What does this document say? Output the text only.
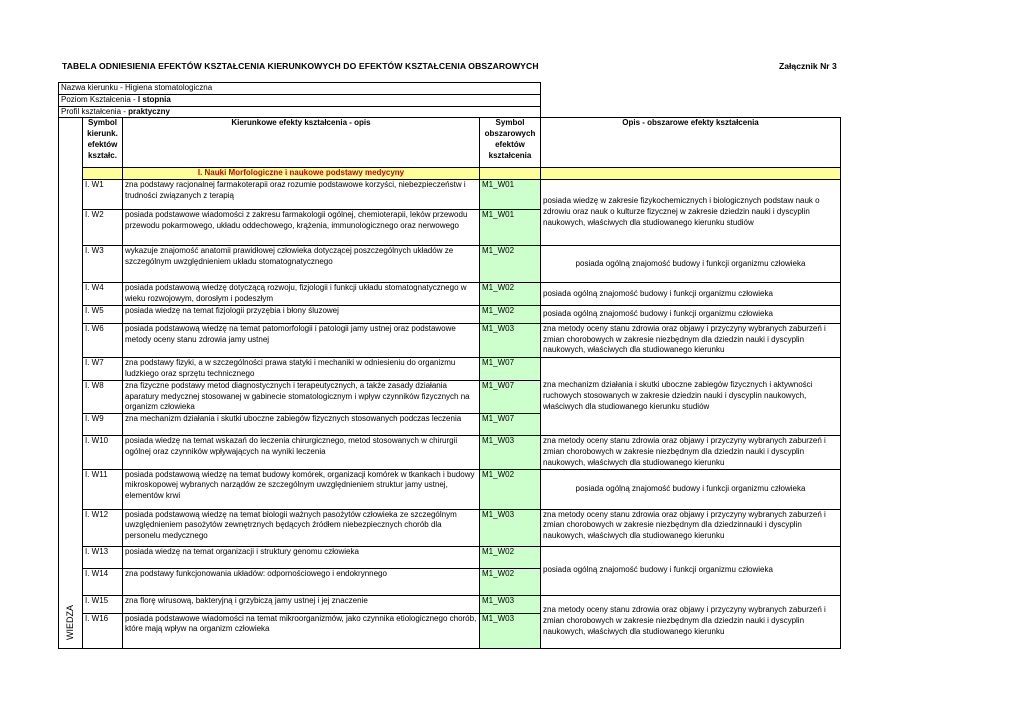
TABELA ODNIESIENIA EFEKTÓW KSZTAŁCENIA KIERUNKOWYCH DO EFEKTÓW KSZTAŁCENIA OBSZAROWYCH	Załącznik Nr 3
Nazwa kierunku - Higiena stomatologiczna				
Poziom Kształcenia - I stopnia				
Profil kształcenia - praktyczny				
WIEDZA	Symbol kierunk. efektów kształc.	Kierunkowe efekty kształcenia - opis	Symbol obszarowych efektów kształcenia	Opis - obszarowe efekty kształcenia
		I. Nauki Morfologiczne i naukowe podstawy medycyny		
	I. W1	zna podstawy racjonalnej farmakoterapii oraz rozumie podstawowe korzyści, niebezpieczeństw i trudności związanych z terapią	M1_W01	posiada wiedzę w zakresie fizykochemicznych i biologicznych podstaw nauk o zdrowiu oraz nauk o kulturze fizycznej w zakresie dziedzin nauki i dyscyplin naukowych, właściwych dla studiowanego kierunku studiów
	I. W2	posiada podstawowe wiadomości z zakresu farmakologii ogólnej, chemioterapii, leków przewodu przewodu pokarmowego, układu oddechowego, krążenia, immunologicznego oraz nerwowego	M1_W01	
	I. W3	wykazuje znajomość anatomii prawidłowej człowieka dotyczącej poszczególnych układów ze szczególnym uwzględnieniem układu stomatognatycznego	M1_W02	posiada ogólną znajomość budowy i funkcji organizmu człowieka
	I. W4	posiada podstawową wiedzę dotyczącą rozwoju, fizjologii i funkcji układu stomatognatycznego w wieku rozwojowym, dorosłym i podeszłym	M1_W02	posiada ogólną znajomość budowy i funkcji organizmu człowieka
	I. W5	posiada wiedzę na temat fizjologii przyzębia i błony śluzowej	M1_W02	posiada ogólną znajomość budowy i funkcji organizmu człowieka
	I. W6	posiada podstawową wiedzę na temat patomorfologii i patologii jamy ustnej oraz podstawowe metody oceny stanu zdrowia jamy ustnej	M1_W03	zna metody oceny stanu zdrowia oraz objawy i przyczyny wybranych zaburzeń i zmian chorobowych w zakresie niezbędnym dla dziedzin nauki i dyscyplin naukowych, właściwych dla studiowanego kierunku
	I. W7	zna podstawy fizyki, a w szczególności prawa statyki i mechaniki w odniesieniu do organizmu ludzkiego oraz sprzętu technicznego	M1_W07	zna mechanizm działania i skutki uboczne zabiegów fizycznych i aktywności ruchowych stosowanych w zakresie dziedzin nauki i dyscyplin naukowych, właściwych dla studiowanego kierunku studiów
	I. W8	zna fizyczne podstawy metod diagnostycznych i terapeutycznych, a także zasady działania aparatury medycznej stosowanej w gabinecie stomatologicznym i wpływ czynników fizycznych na organizm człowieka	M1_W07	
	I. W9	zna mechanizm działania i skutki uboczne zabiegów fizycznych stosowanych podczas leczenia	M1_W07	
	I. W10	posiada wiedzę na temat wskazań do leczenia chirurgicznego, metod stosowanych w chirurgii ogólnej oraz czynników wpływających na wyniki leczenia	M1_W03	zna metody oceny stanu zdrowia oraz objawy i przyczyny wybranych zaburzeń i zmian chorobowych w zakresie niezbędnym dla dziedzin nauki i dyscyplin naukowych, właściwych dla studiowanego kierunku
	I. W11	posiada podstawową wiedzę na temat budowy komórek, organizacji komórek w tkankach i budowy mikroskopowej wybranych narządów ze szczególnym uwzględnieniem struktur jamy ustnej, elementów krwi	M1_W02	posiada ogólną znajomość budowy i funkcji organizmu człowieka
	I. W12	posiada podstawową wiedzę na temat biologii ważnych pasożytów człowieka ze szczególnym uwzględnieniem pasożytów zewnętrznych będących źródłem niebezpiecznych chorób dla personelu medycznego	M1_W03	zna metody oceny stanu zdrowia oraz objawy i przyczyny wybranych zaburzeń i zmian chorobowych w zakresie niezbędnym dla dziedzinnauki i dyscyplin naukowych, właściwych dla studiowanego kierunku
	I. W13	posiada wiedzę na temat organizacji i struktury genomu człowieka	M1_W02	posiada ogólną znajomość budowy i funkcji organizmu człowieka
	I. W14	zna podstawy funkcjonowania układów: odpornościowego i endokrynnego	M1_W02	
	I. W15	zna florę wirusową, bakteryjną i grzybiczą jamy ustnej i jej znaczenie	M1_W03	zna metody oceny stanu zdrowia oraz objawy i przyczyny wybranych zaburzeń i zmian chorobowych w zakresie niezbędnym dla dziedzin nauki i dyscyplin naukowych, właściwych dla studiowanego kierunku
	I. W16	posiada podstawowe wiadomości na temat mikroorganizmów, jako czynnika etiologicznego chorób, które mają wpływ na organizm człowieka	M1_W03	
